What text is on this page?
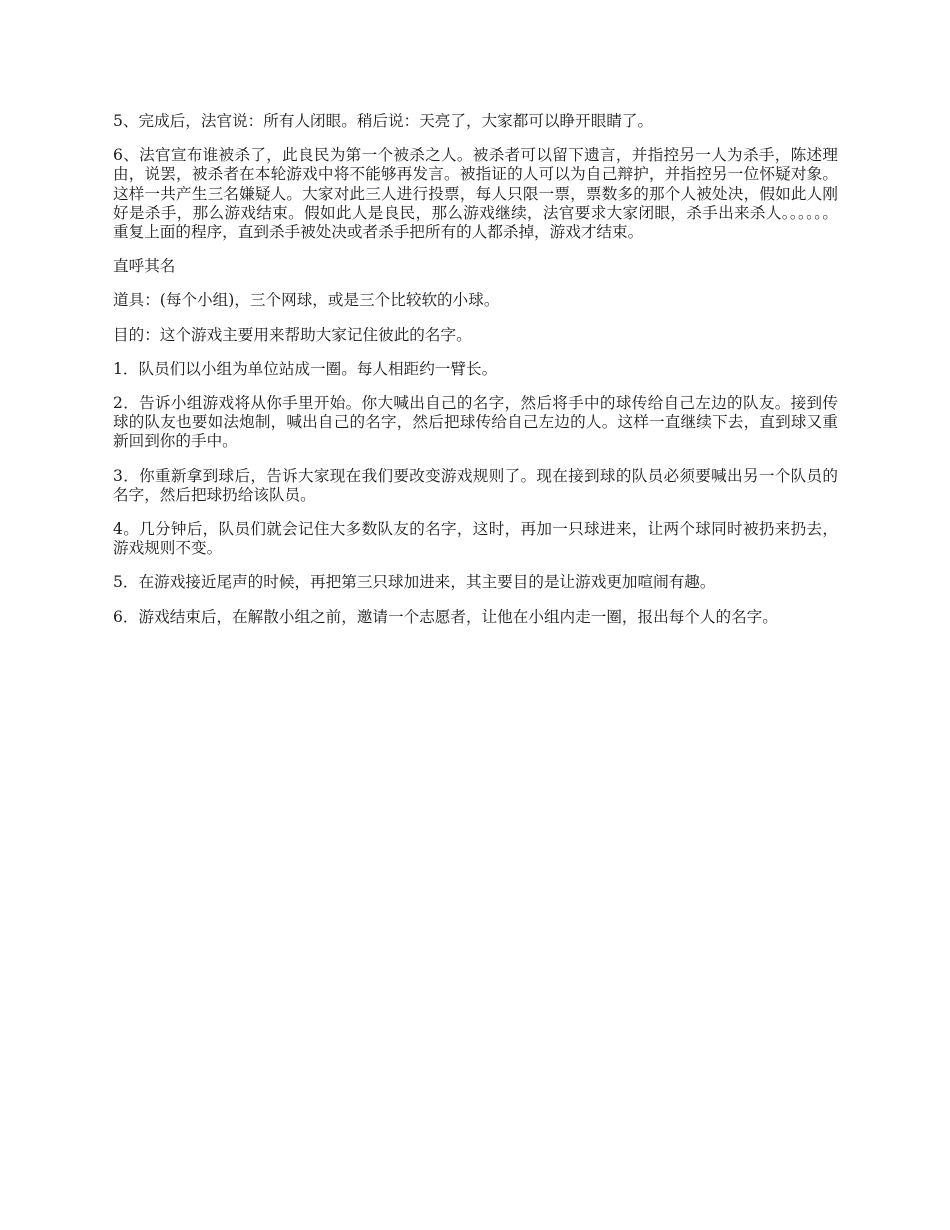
5、完成后，法官说：所有人闭眼。稍后说：天亮了，大家都可以睁开眼睛了。

6、法官宣布谁被杀了，此良民为第一个被杀之人。被杀者可以留下遗言，并指控另一人为杀手，陈述理由，说罢，被杀者在本轮游戏中将不能够再发言。被指证的人可以为自己辩护，并指控另一位怀疑对象。这样一共产生三名嫌疑人。大家对此三人进行投票，每人只限一票，票数多的那个人被处决，假如此人刚好是杀手，那么游戏结束。假如此人是良民，那么游戏继续，法官要求大家闭眼，杀手出来杀人。。。。。。重复上面的程序，直到杀手被处决或者杀手把所有的人都杀掉，游戏才结束。

直呼其名

道具：(每个小组)，三个网球，或是三个比较软的小球。

目的：这个游戏主要用来帮助大家记住彼此的名字。

1．队员们以小组为单位站成一圈。每人相距约一臂长。

2．告诉小组游戏将从你手里开始。你大喊出自己的名字，然后将手中的球传给自己左边的队友。接到传球的队友也要如法炮制，喊出自己的名字，然后把球传给自己左边的人。这样一直继续下去，直到球又重新回到你的手中。

3．你重新拿到球后，告诉大家现在我们要改变游戏规则了。现在接到球的队员必须要喊出另一个队员的名字，然后把球扔给该队员。

4。几分钟后，队员们就会记住大多数队友的名字，这时，再加一只球进来，让两个球同时被扔来扔去，游戏规则不变。

5．在游戏接近尾声的时候，再把第三只球加进来，其主要目的是让游戏更加喧闹有趣。

6．游戏结束后，在解散小组之前，邀请一个志愿者，让他在小组内走一圈，报出每个人的名字。
